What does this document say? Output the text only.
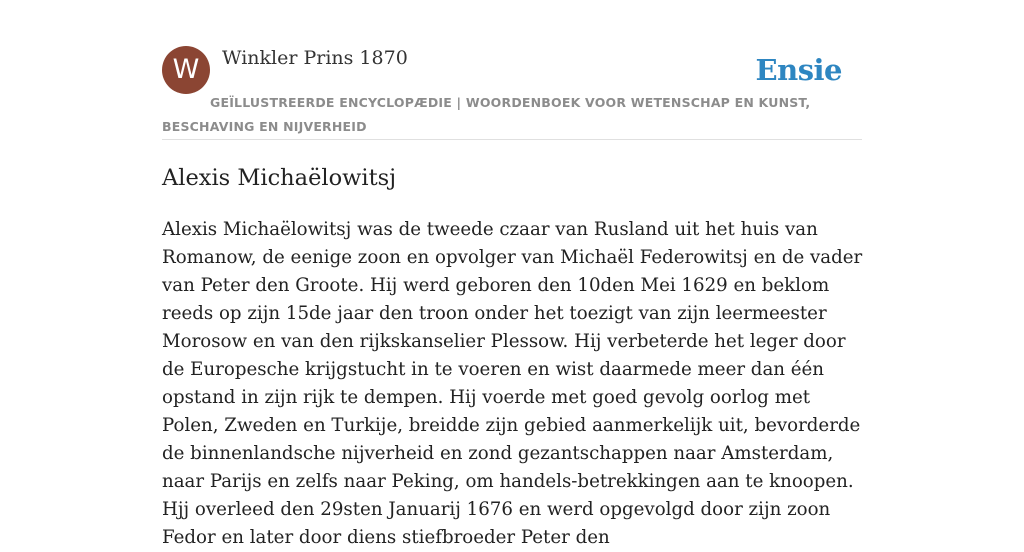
W	Winkler Prins 1870	Ensie
GEÏLLUSTREERDE ENCYCLOPÆDIE | WOORDENBOEK VOOR WETENSCHAP EN KUNST, BESCHAVING EN NIJVERHEID
Alexis Michaëlowitsj

Alexis Michaëlowitsj was de tweede czaar van Rusland uit het huis van Romanow, de eenige zoon en opvolger van Michaël Federowitsj en de vader van Peter den Groote. Hij werd geboren den 10den Mei 1629 en beklom reeds op zijn 15de jaar den troon onder het toezigt van zijn leermeester Morosow en van den rijkskanselier Plessow. Hij verbeterde het leger door de Europesche krijgstucht in te voeren en wist daarmede meer dan één opstand in zijn rijk te dempen. Hij voerde met goed gevolg oorlog met Polen, Zweden en Turkije, breidde zijn gebied aanmerkelijk uit, bevorderde de binnenlandsche nijverheid en zond gezantschappen naar Amsterdam, naar Parijs en zelfs naar Peking, om handels-betrekkingen aan te knoopen. Hjj overleed den 29sten Januarij 1676 en werd opgevolgd door zijn zoon Fedor en later door diens stiefbroeder Peter den
